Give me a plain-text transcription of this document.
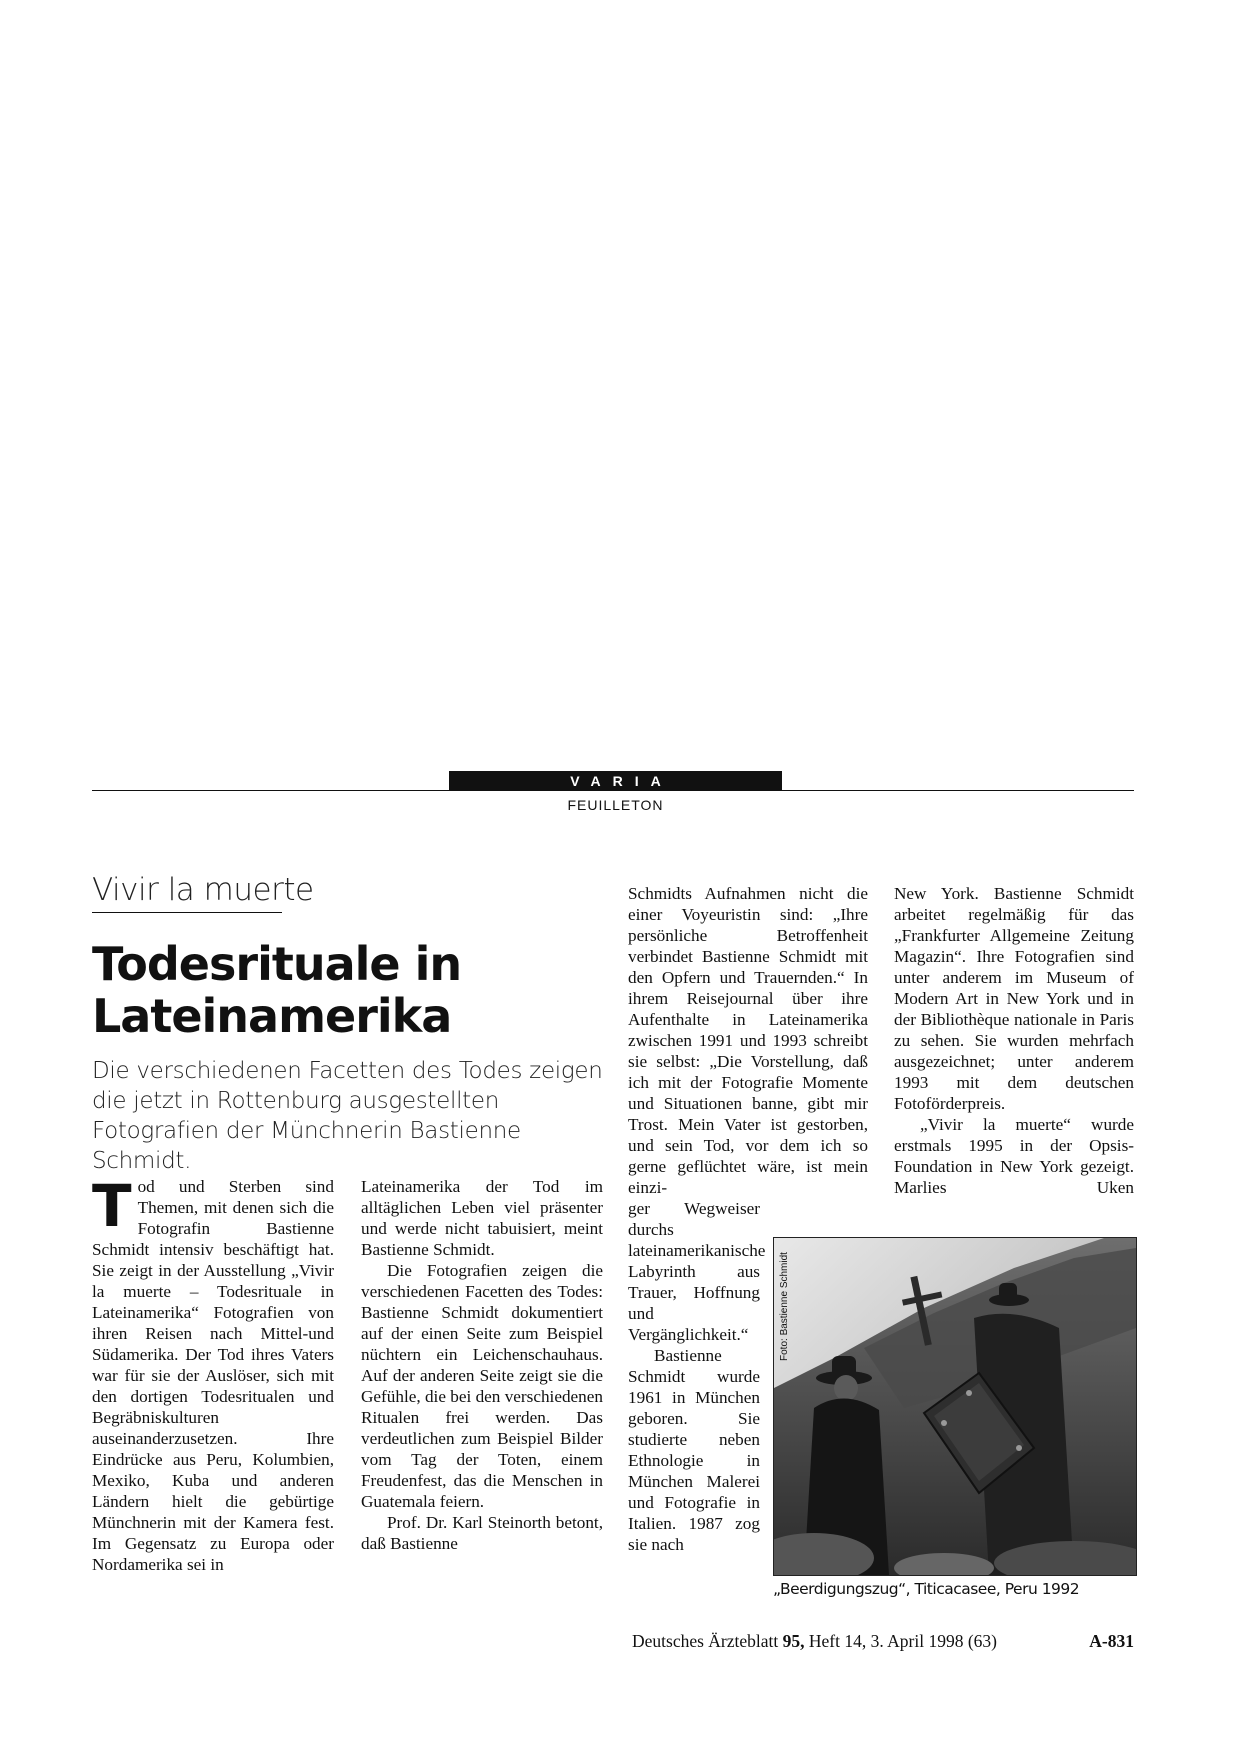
VARIA
FEUILLETON
Vivir la muerte
Todesrituale in
Lateinamerika
Die verschiedenen Facetten des Todes zeigen die jetzt in Rottenburg ausgestellten Fotografien der Münchnerin Bastienne Schmidt.

Tod und Sterben sind Themen, mit denen sich die Fotografin Bastienne Schmidt intensiv beschäftigt hat. Sie zeigt in der Ausstellung „Vivir la muerte – Todesrituale in Lateinamerika“ Fotografien von ihren Reisen nach Mittel-und Südamerika. Der Tod ihres Vaters war für sie der Auslöser, sich mit den dortigen Todesritualen und Begräbniskulturen auseinanderzusetzen. Ihre Eindrücke aus Peru, Kolumbien, Mexiko, Kuba und anderen Ländern hielt die gebürtige Münchnerin mit der Kamera fest. Im Gegensatz zu Europa oder Nordamerika sei in

Lateinamerika der Tod im alltäglichen Leben viel präsenter und werde nicht tabuisiert, meint Bastienne Schmidt.

Die Fotografien zeigen die verschiedenen Facetten des Todes: Bastienne Schmidt dokumentiert auf der einen Seite zum Beispiel nüchtern ein Leichenschauhaus. Auf der anderen Seite zeigt sie die Gefühle, die bei den verschiedenen Ritualen frei werden. Das verdeutlichen zum Beispiel Bilder vom Tag der Toten, einem Freudenfest, das die Menschen in Guatemala feiern.

Prof. Dr. Karl Steinorth betont, daß Bastienne

Schmidts Aufnahmen nicht die einer Voyeuristin sind: „Ihre persönliche Betroffenheit verbindet Bastienne Schmidt mit den Opfern und Trauernden.“ In ihrem Reisejournal über ihre Aufenthalte in Lateinamerika zwischen 1991 und 1993 schreibt sie selbst: „Die Vorstellung, daß ich mit der Fotografie Momente und Situationen banne, gibt mir Trost. Mein Vater ist gestorben, und sein Tod, vor dem ich so gerne geflüchtet wäre, ist mein einzi-

ger Wegweiser durchs lateinamerikanische Labyrinth aus Trauer, Hoffnung und Vergänglichkeit.“

Bastienne Schmidt wurde 1961 in München geboren. Sie studierte neben Ethnologie in München Malerei und Fotografie in Italien. 1987 zog sie nach

New York. Bastienne Schmidt arbeitet regelmäßig für das „Frankfurter Allgemeine Zeitung Magazin“. Ihre Fotografien sind unter anderem im Museum of Modern Art in New York und in der Bibliothèque nationale in Paris zu sehen. Sie wurden mehrfach ausgezeichnet; unter anderem 1993 mit dem deutschen Fotoförderpreis.

„Vivir la muerte“ wurde erstmals 1995 in der Opsis-Foundation in New York gezeigt. Marlies Uken

Foto: Bastienne Schmidt
„Beerdigungszug“, Titicacasee, Peru 1992
Deutsches Ärzteblatt 95, Heft 14, 3. April 1998 (63)	A-831
